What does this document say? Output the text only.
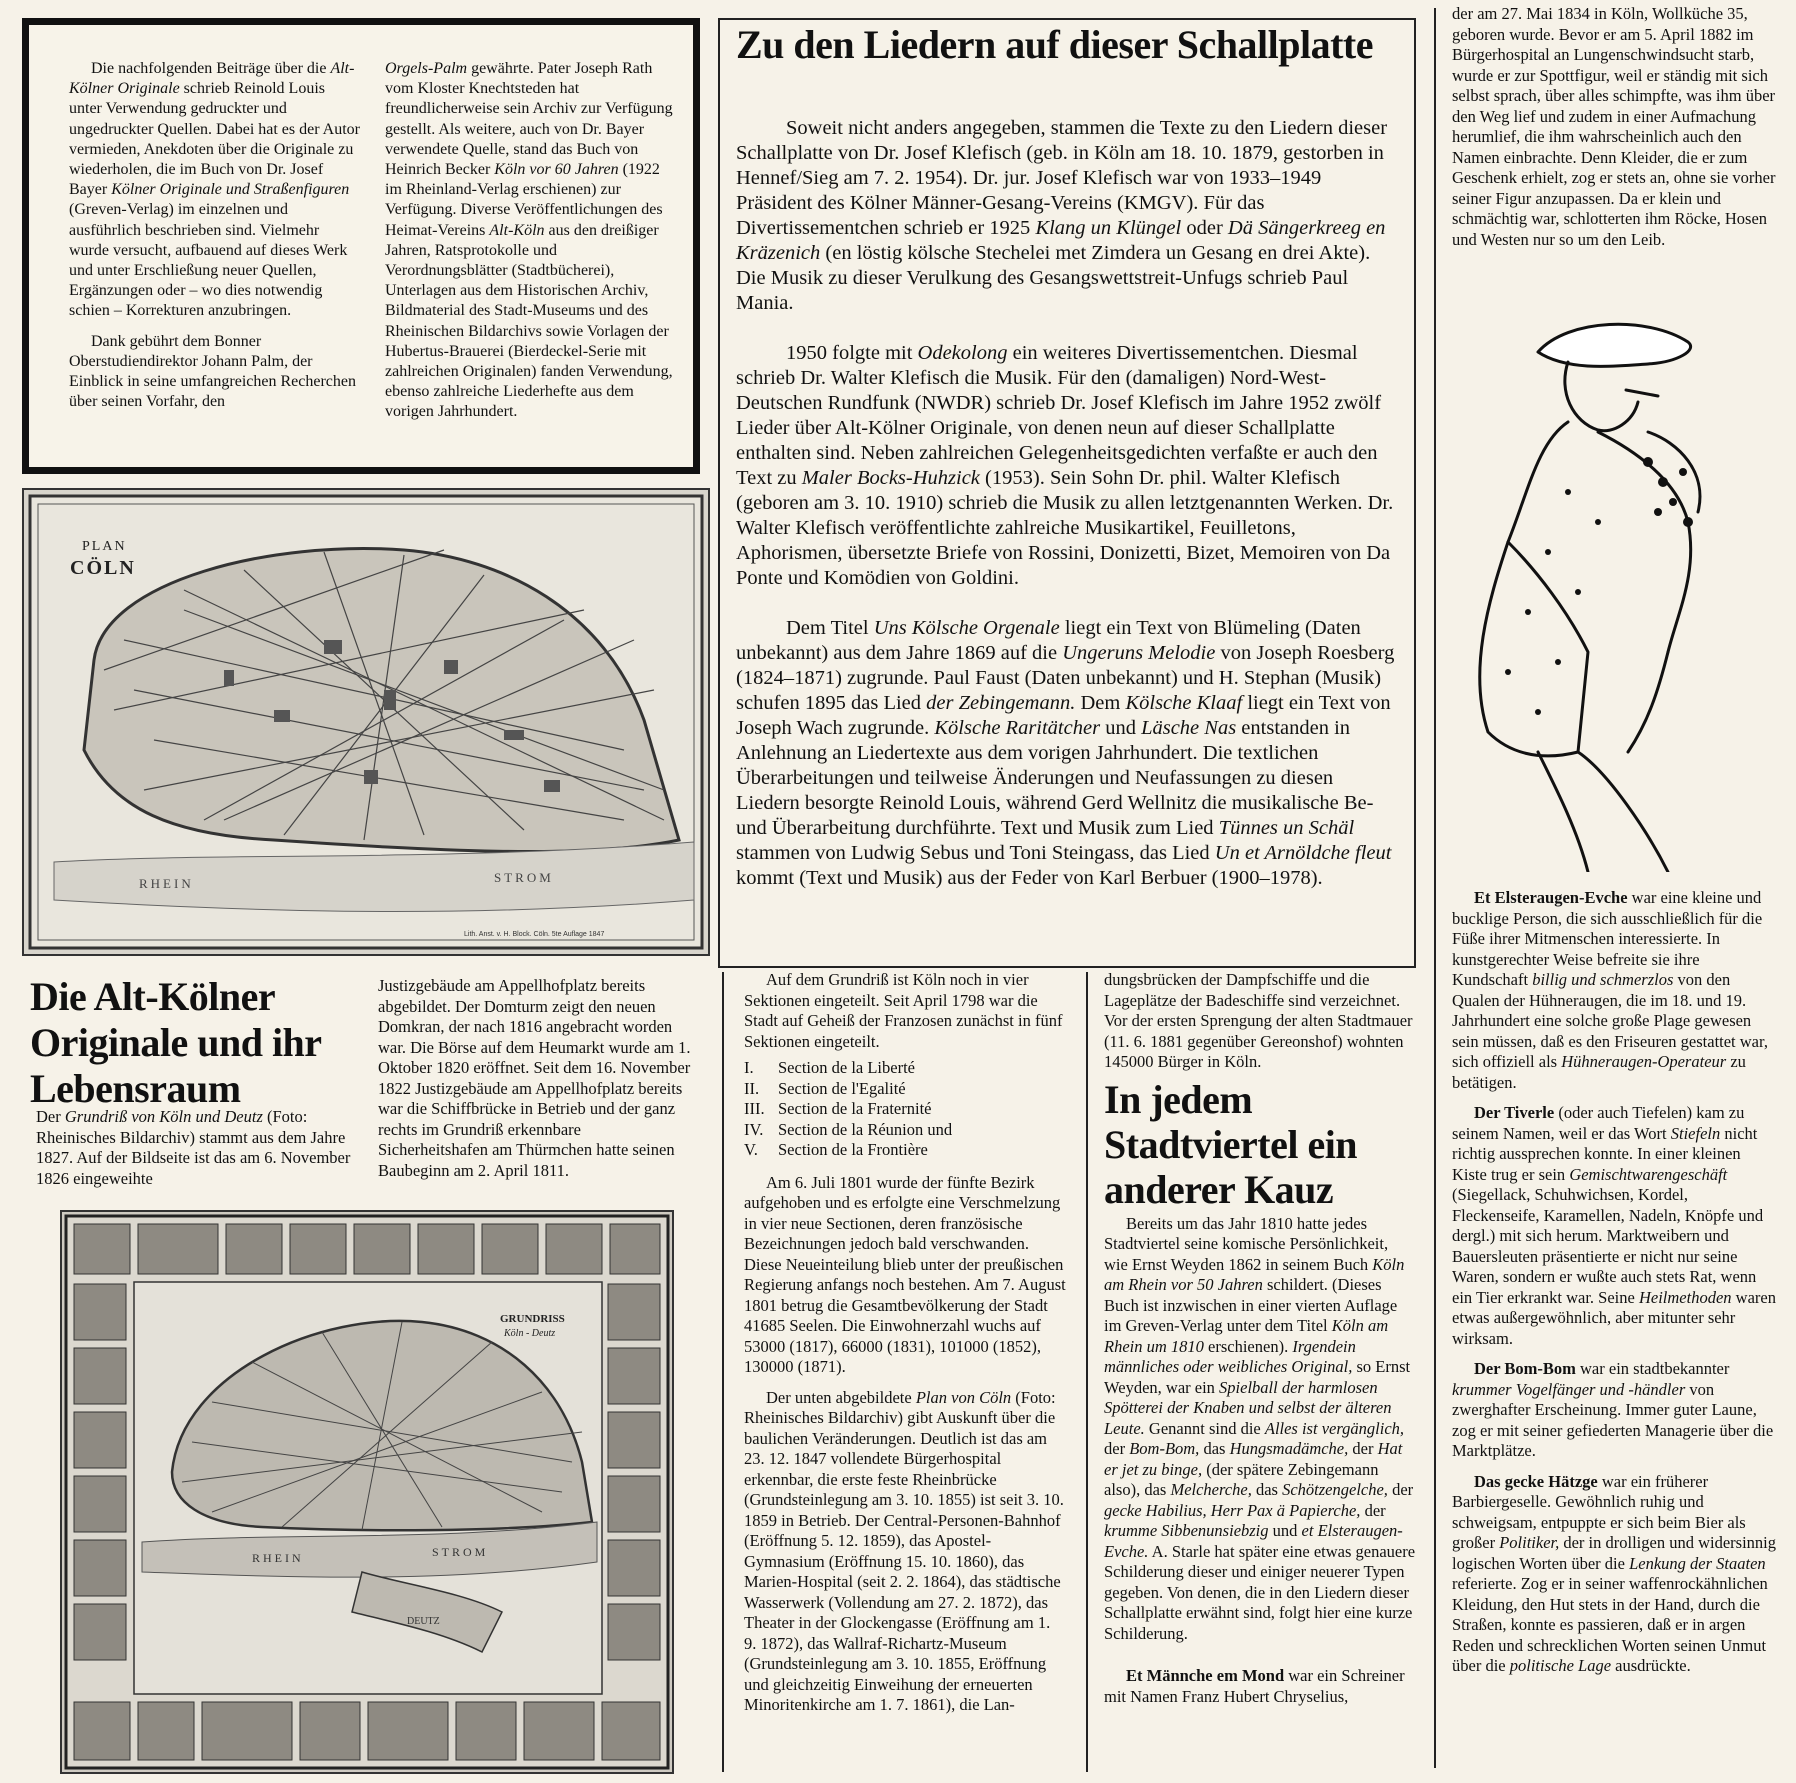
Die nachfolgenden Beiträge über die Alt-Kölner Originale schrieb Reinold Louis unter Verwendung gedruckter und ungedruckter Quellen. Dabei hat es der Autor vermieden, Anekdoten über die Originale zu wiederholen, die im Buch von Dr. Josef Bayer Kölner Originale und Straßenfiguren (Greven-Verlag) im einzelnen und ausführlich beschrieben sind. Vielmehr wurde versucht, aufbauend auf dieses Werk und unter Erschließung neuer Quellen, Ergänzungen oder – wo dies notwendig schien – Korrekturen anzubringen.

Dank gebührt dem Bonner Oberstudiendirektor Johann Palm, der Einblick in seine umfangreichen Recherchen über seinen Vorfahr, den

Orgels-Palm gewährte. Pater Joseph Rath vom Kloster Knechtsteden hat freundlicherweise sein Archiv zur Verfügung gestellt. Als weitere, auch von Dr. Bayer verwendete Quelle, stand das Buch von Heinrich Becker Köln vor 60 Jahren (1922 im Rheinland-Verlag erschienen) zur Verfügung. Diverse Veröffentlichungen des Heimat-Vereins Alt-Köln aus den dreißiger Jahren, Ratsprotokolle und Verordnungsblätter (Stadtbücherei), Unterlagen aus dem Historischen Archiv, Bildmaterial des Stadt-Museums und des Rheinischen Bildarchivs sowie Vorlagen der Hubertus-Brauerei (Bierdeckel-Serie mit zahlreichen Originalen) fanden Verwendung, ebenso zahlreiche Liederhefte aus dem vorigen Jahrhundert.

Zu den Liedern auf dieser Schallplatte

Soweit nicht anders angegeben, stammen die Texte zu den Liedern dieser Schallplatte von Dr. Josef Klefisch (geb. in Köln am 18. 10. 1879, gestorben in Hennef/Sieg am 7. 2. 1954). Dr. jur. Josef Klefisch war von 1933–1949 Präsident des Kölner Männer-Gesang-Vereins (KMGV). Für das Divertissementchen schrieb er 1925 Klang un Klüngel oder Dä Sängerkreeg en Kräzenich (en löstig kölsche Stechelei met Zimdera un Gesang en drei Akte). Die Musik zu dieser Verulkung des Gesangswettstreit-Unfugs schrieb Paul Mania.

1950 folgte mit Odekolong ein weiteres Divertissementchen. Diesmal schrieb Dr. Walter Klefisch die Musik. Für den (damaligen) Nord-West-Deutschen Rundfunk (NWDR) schrieb Dr. Josef Klefisch im Jahre 1952 zwölf Lieder über Alt-Kölner Originale, von denen neun auf dieser Schallplatte enthalten sind. Neben zahlreichen Gelegenheitsgedichten verfaßte er auch den Text zu Maler Bocks-Huhzick (1953). Sein Sohn Dr. phil. Walter Klefisch (geboren am 3. 10. 1910) schrieb die Musik zu allen letztgenannten Werken. Dr. Walter Klefisch veröffentlichte zahlreiche Musikartikel, Feuilletons, Aphorismen, übersetzte Briefe von Rossini, Donizetti, Bizet, Memoiren von Da Ponte und Komödien von Goldini.

Dem Titel Uns Kölsche Orgenale liegt ein Text von Blümeling (Daten unbekannt) aus dem Jahre 1869 auf die Ungeruns Melodie von Joseph Roesberg (1824–1871) zugrunde. Paul Faust (Daten unbekannt) und H. Stephan (Musik) schufen 1895 das Lied der Zebingemann. Dem Kölsche Klaaf liegt ein Text von Joseph Wach zugrunde. Kölsche Raritätcher und Läsche Nas entstanden in Anlehnung an Liedertexte aus dem vorigen Jahrhundert. Die textlichen Überarbeitungen und teilweise Änderungen und Neufassungen zu diesen Liedern besorgte Reinold Louis, während Gerd Wellnitz die musikalische Be- und Überarbeitung durchführte. Text und Musik zum Lied Tünnes un Schäl stammen von Ludwig Sebus und Toni Steingass, das Lied Un et Arnöldche fleut kommt (Text und Musik) aus der Feder von Karl Berbuer (1900–1978).

RHEIN	STROM
PLAN
CÖLN
Lith. Anst. v. H. Block. Cöln. 5te Auflage 1847
Die Alt-Kölner Originale und ihr Lebensraum

Der Grundriß von Köln und Deutz (Foto: Rheinisches Bildarchiv) stammt aus dem Jahre 1827. Auf der Bildseite ist das am 6. November 1826 eingeweihte

Justizgebäude am Appellhofplatz bereits abgebildet. Der Domturm zeigt den neuen Domkran, der nach 1816 angebracht worden war. Die Börse auf dem Heumarkt wurde am 1. Oktober 1820 eröffnet. Seit dem 16. November 1822 Justizgebäude am Appellhofplatz bereits war die Schiffbrücke in Betrieb und der ganz rechts im Grundriß erkennbare Sicherheitshafen am Thürmchen hatte seinen Baubeginn am 2. April 1811.

RHEIN	STROM
DEUTZ
GRUNDRISS
Köln - Deutz

Auf dem Grundriß ist Köln noch in vier Sektionen eingeteilt. Seit April 1798 war die Stadt auf Geheiß der Franzosen zunächst in fünf Sektionen eingeteilt.

I. Section de la Liberté
II. Section de l'Egalité
III. Section de la Fraternité
IV. Section de la Réunion und
V. Section de la Frontière

Am 6. Juli 1801 wurde der fünfte Bezirk aufgehoben und es erfolgte eine Verschmelzung in vier neue Sectionen, deren französische Bezeichnungen jedoch bald verschwanden. Diese Neueinteilung blieb unter der preußischen Regierung anfangs noch bestehen. Am 7. August 1801 betrug die Gesamtbevölkerung der Stadt 41685 Seelen. Die Einwohnerzahl wuchs auf 53000 (1817), 66000 (1831), 101000 (1852), 130000 (1871).

Der unten abgebildete Plan von Cöln (Foto: Rheinisches Bildarchiv) gibt Auskunft über die baulichen Veränderungen. Deutlich ist das am 23. 12. 1847 vollendete Bürgerhospital erkennbar, die erste feste Rheinbrücke (Grundsteinlegung am 3. 10. 1855) ist seit 3. 10. 1859 in Betrieb. Der Central-Personen-Bahnhof (Eröffnung 5. 12. 1859), das Apostel-Gymnasium (Eröffnung 15. 10. 1860), das Marien-Hospital (seit 2. 2. 1864), das städtische Wasserwerk (Vollendung am 27. 2. 1872), das Theater in der Glockengasse (Eröffnung am 1. 9. 1872), das Wallraf-Richartz-Museum (Grundsteinlegung am 3. 10. 1855, Eröffnung und gleichzeitig Einweihung der erneuerten Minoritenkirche am 1. 7. 1861), die Lan-

dungsbrücken der Dampfschiffe und die Lageplätze der Badeschiffe sind verzeichnet. Vor der ersten Sprengung der alten Stadtmauer (11. 6. 1881 gegenüber Gereonshof) wohnten 145000 Bürger in Köln.

In jedem Stadtviertel ein anderer Kauz

Bereits um das Jahr 1810 hatte jedes Stadtviertel seine komische Persönlichkeit, wie Ernst Weyden 1862 in seinem Buch Köln am Rhein vor 50 Jahren schildert. (Dieses Buch ist inzwischen in einer vierten Auflage im Greven-Verlag unter dem Titel Köln am Rhein um 1810 erschienen). Irgendein männliches oder weibliches Original, so Ernst Weyden, war ein Spielball der harmlosen Spötterei der Knaben und selbst der älteren Leute. Genannt sind die Alles ist vergänglich, der Bom-Bom, das Hungsmadämche, der Hat er jet zu binge, (der spätere Zebingemann also), das Melcherche, das Schötzengelche, der gecke Habilius, Herr Pax ä Papierche, der krumme Sibbenunsiebzig und et Elsteraugen-Evche. A. Starle hat später eine etwas genauere Schilderung dieser und einiger neuerer Typen gegeben. Von denen, die in den Liedern dieser Schallplatte erwähnt sind, folgt hier eine kurze Schilderung.

Et Männche em Mond war ein Schreiner mit Namen Franz Hubert Chryselius,

der am 27. Mai 1834 in Köln, Wollküche 35, geboren wurde. Bevor er am 5. April 1882 im Bürgerhospital an Lungenschwindsucht starb, wurde er zur Spottfigur, weil er ständig mit sich selbst sprach, über alles schimpfte, was ihm über den Weg lief und zudem in einer Aufmachung herumlief, die ihm wahrscheinlich auch den Namen einbrachte. Denn Kleider, die er zum Geschenk erhielt, zog er stets an, ohne sie vorher seiner Figur anzupassen. Da er klein und schmächtig war, schlotterten ihm Röcke, Hosen und Westen nur so um den Leib.

Et Elsteraugen-Evche war eine kleine und bucklige Person, die sich ausschließlich für die Füße ihrer Mitmenschen interessierte. In kunstgerechter Weise befreite sie ihre Kundschaft billig und schmerzlos von den Qualen der Hühneraugen, die im 18. und 19. Jahrhundert eine solche große Plage gewesen sein müssen, daß es den Friseuren gestattet war, sich offiziell als Hühneraugen-Operateur zu betätigen.

Der Tiverle (oder auch Tiefelen) kam zu seinem Namen, weil er das Wort Stiefeln nicht richtig aussprechen konnte. In einer kleinen Kiste trug er sein Gemischtwarengeschäft (Siegellack, Schuhwichsen, Kordel, Fleckenseife, Karamellen, Nadeln, Knöpfe und dergl.) mit sich herum. Marktweibern und Bauersleuten präsentierte er nicht nur seine Waren, sondern er wußte auch stets Rat, wenn ein Tier erkrankt war. Seine Heilmethoden waren etwas außergewöhnlich, aber mitunter sehr wirksam.

Der Bom-Bom war ein stadtbekannter krummer Vogelfänger und -händler von zwerghafter Erscheinung. Immer guter Laune, zog er mit seiner gefiederten Managerie über die Marktplätze.

Das gecke Hätzge war ein früherer Barbiergeselle. Gewöhnlich ruhig und schweigsam, entpuppte er sich beim Bier als großer Politiker, der in drolligen und widersinnig logischen Worten über die Lenkung der Staaten referierte. Zog er in seiner waffenrockähnlichen Kleidung, den Hut stets in der Hand, durch die Straßen, konnte es passieren, daß er in argen Reden und schrecklichen Worten seinen Unmut über die politische Lage ausdrückte.
